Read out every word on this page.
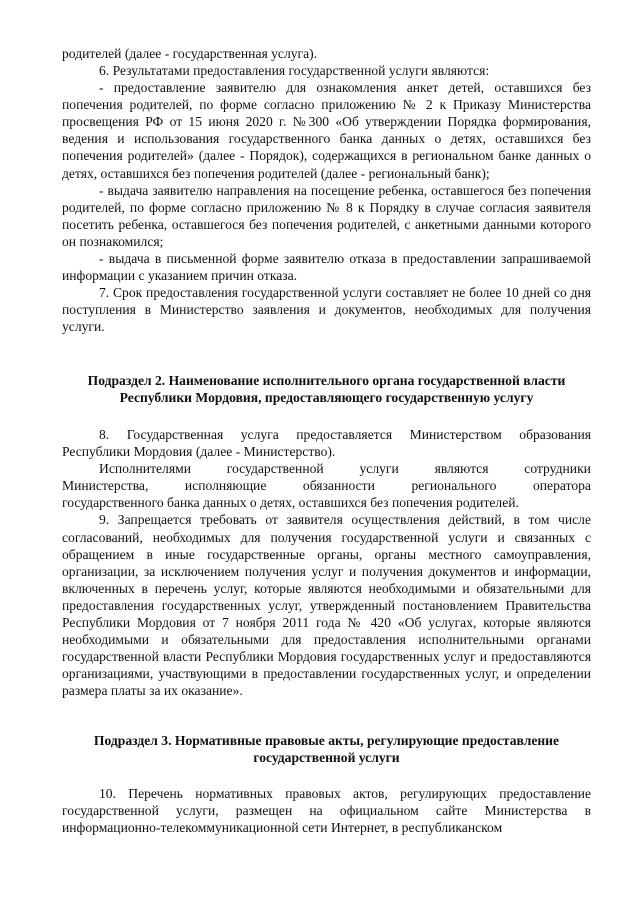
родителей (далее - государственная услуга).

6. Результатами предоставления государственной услуги являются:

- предоставление заявителю для ознакомления анкет детей, оставшихся без попечения родителей, по форме согласно приложению № 2 к Приказу Министерства просвещения РФ от 15 июня 2020 г. №300 «Об утверждении Порядка формирования, ведения и использования государственного банка данных о детях, оставшихся без попечения родителей» (далее - Порядок), содержащихся в региональном банке данных о детях, оставшихся без попечения родителей (далее - региональный банк);

- выдача заявителю направления на посещение ребенка, оставшегося без попечения родителей, по форме согласно приложению № 8 к Порядку в случае согласия заявителя посетить ребенка, оставшегося без попечения родителей, с анкетными данными которого он познакомился;

- выдача в письменной форме заявителю отказа в предоставлении запрашиваемой информации с указанием причин отказа.

7. Срок предоставления государственной услуги составляет не более 10 дней со дня поступления в Министерство заявления и документов, необходимых для получения услуги.

Подраздел 2. Наименование исполнительного органа государственной власти Республики Мордовия, предоставляющего государственную услугу

8. Государственная услуга предоставляется Министерством образования Республики Мордовия (далее - Министерство).

Исполнителями	государственной	услуги	являются	сотрудники
Министерства,	исполняющие	обязанности	регионального	оператора

государственного банка данных о детях, оставшихся без попечения родителей.

9. Запрещается требовать от заявителя осуществления действий, в том числе согласований, необходимых для получения государственной услуги и связанных с обращением в иные государственные органы, органы местного самоуправления, организации, за исключением получения услуг и получения документов и информации, включенных в перечень услуг, которые являются необходимыми и обязательными для предоставления государственных услуг, утвержденный постановлением Правительства Республики Мордовия от 7 ноября 2011 года № 420 «Об услугах, которые являются необходимыми и обязательными для предоставления исполнительными органами государственной власти Республики Мордовия государственных услуг и предоставляются организациями, участвующими в предоставлении государственных услуг, и определении размера платы за их оказание».

Подраздел 3. Нормативные правовые акты, регулирующие предоставление государственной услуги

10. Перечень нормативных правовых актов, регулирующих предоставление государственной услуги, размещен на официальном сайте Министерства в информационно-телекоммуникационной сети Интернет, в республиканском
